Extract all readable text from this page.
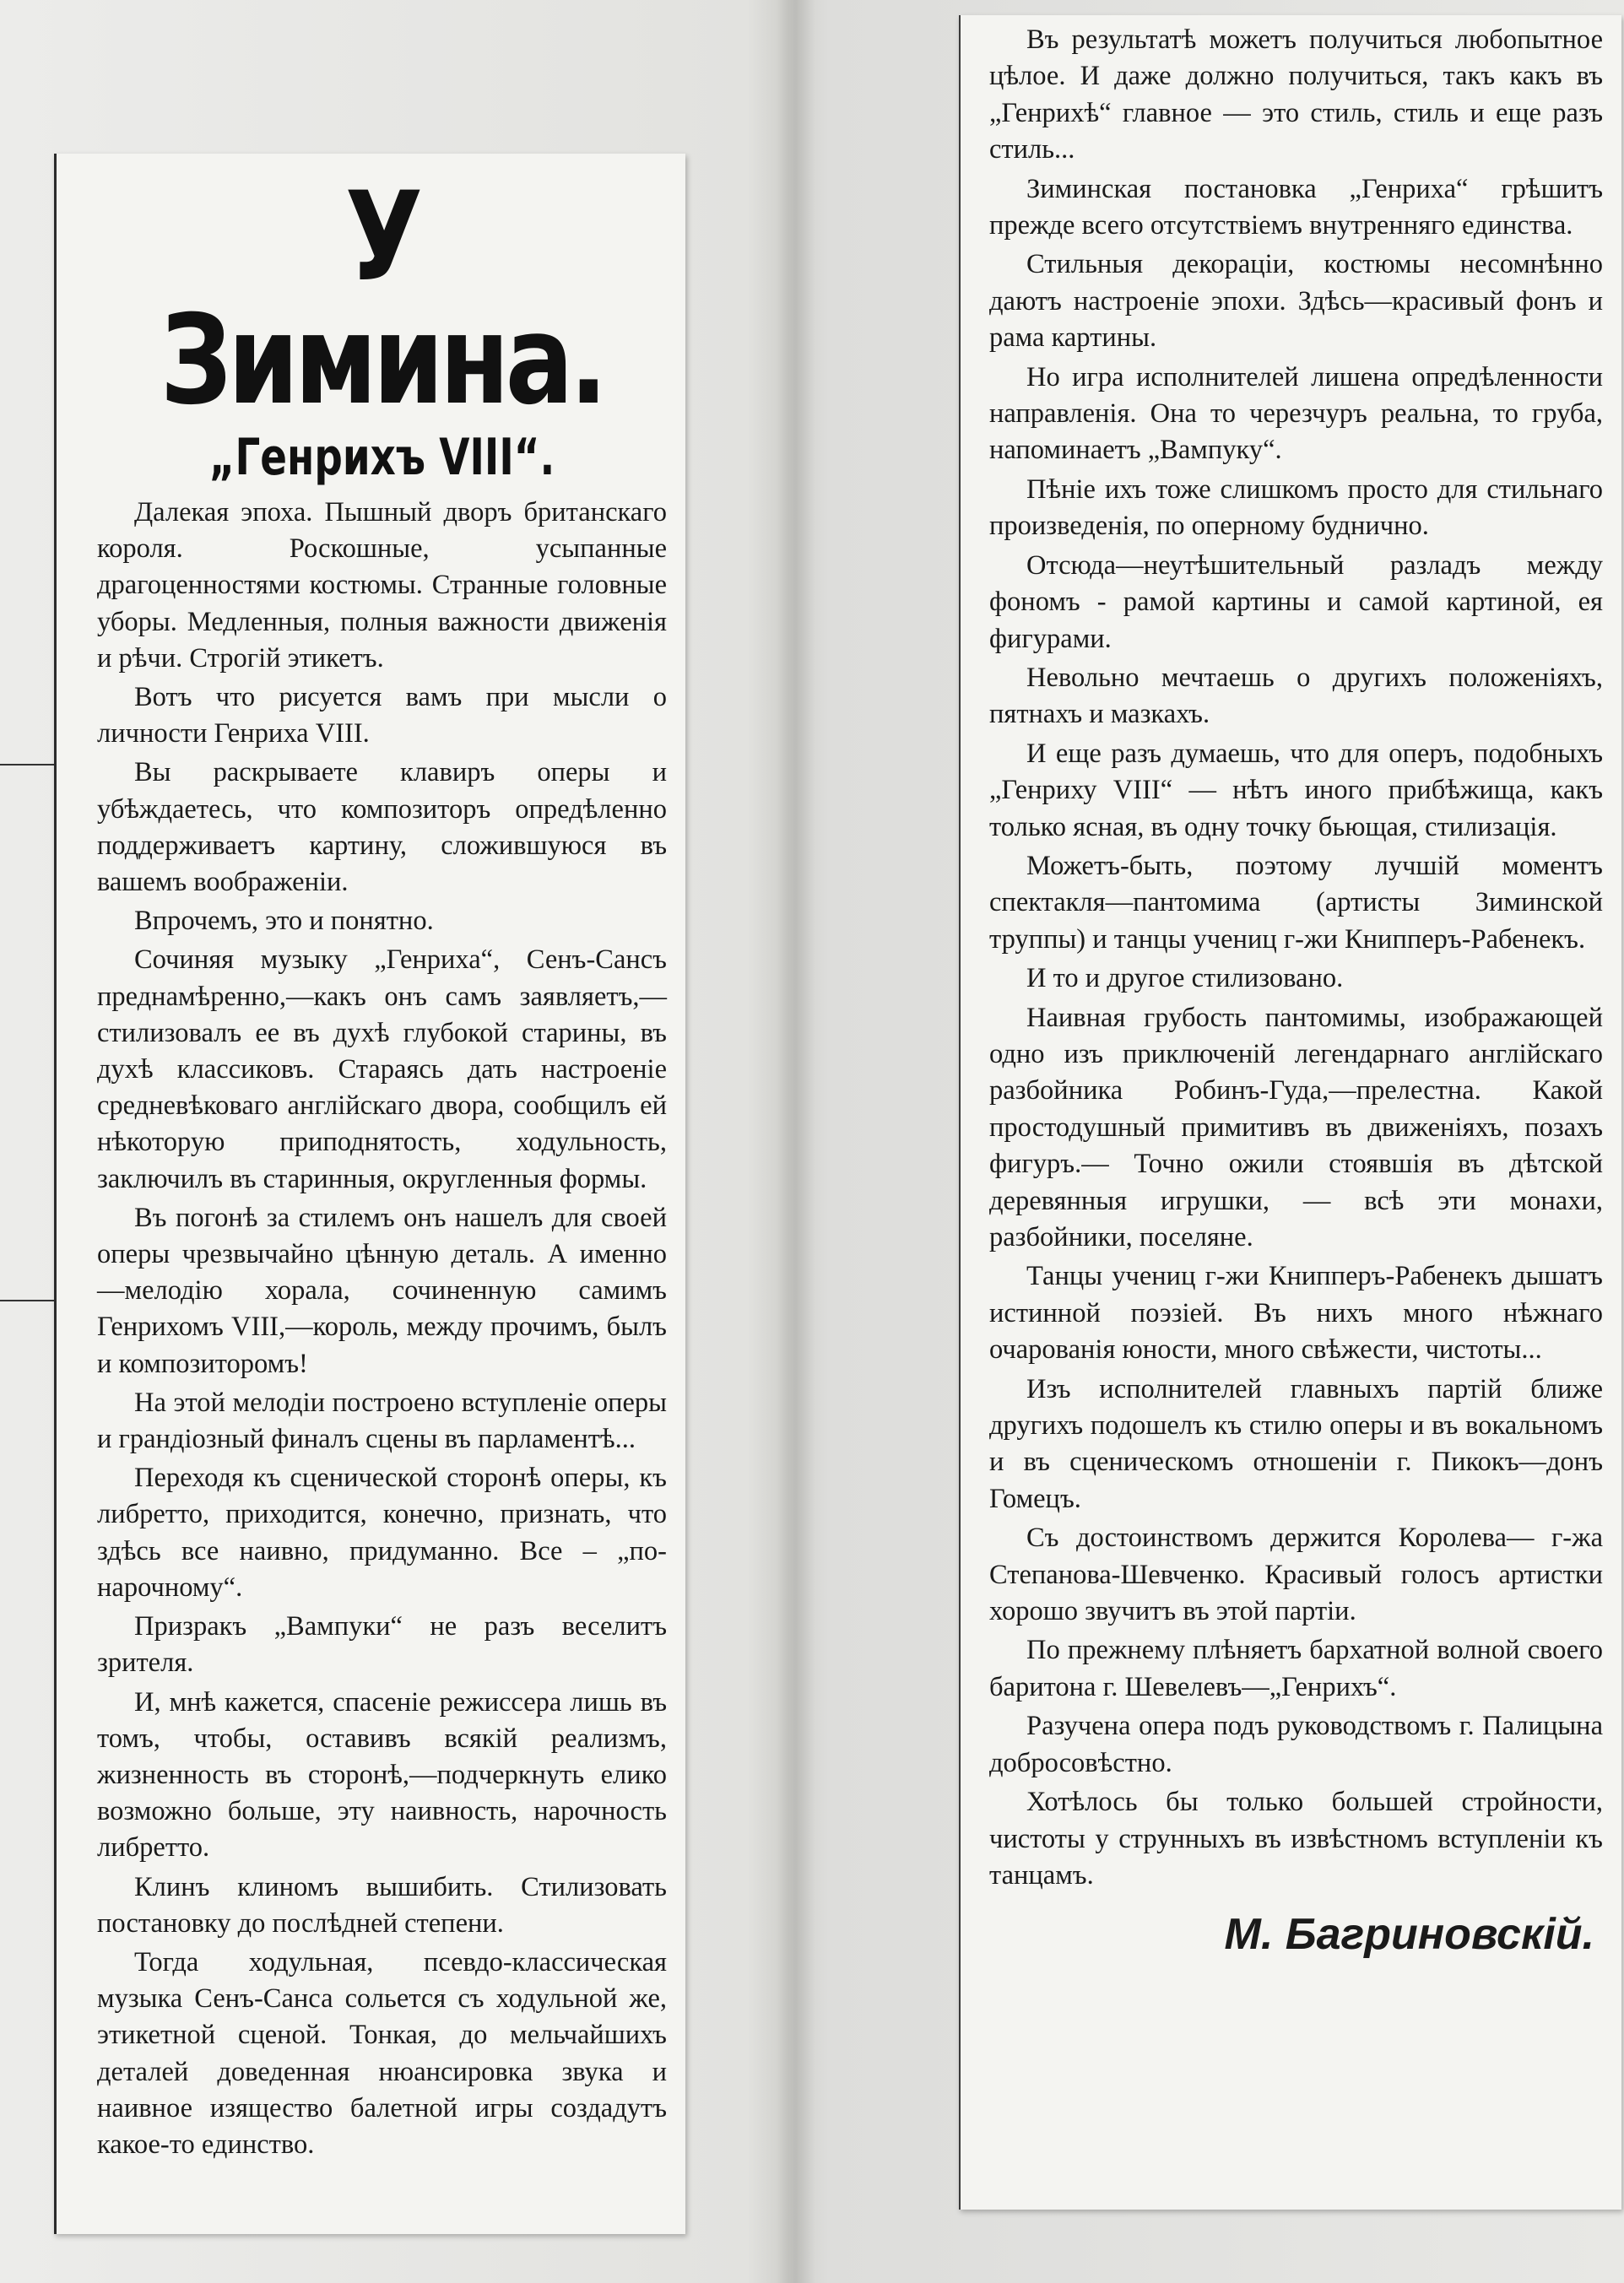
У Зимина.
„Генрихъ VIII“.

Далекая эпоха. Пышный дворъ британскаго короля. Роскошные, усыпанные драгоценностями костюмы. Странные головные уборы. Медленныя, полныя важности движенія и рѣчи. Строгій этикетъ.

Вотъ что рисуется вамъ при мысли о личности Генриха VIII.

Вы раскрываете клавиръ оперы и убѣждаетесь, что композиторъ опредѣленно поддерживаетъ картину, сложившуюся въ вашемъ воображеніи.

Впрочемъ, это и понятно.

Сочиняя музыку „Генриха“, Сенъ-Сансъ преднамѣренно,—какъ онъ самъ заявляетъ,—стилизовалъ ее въ духѣ глубокой старины, въ духѣ классиковъ. Стараясь дать настроеніе средневѣковаго англійскаго двора, сообщилъ ей нѣкоторую приподнятость, ходульность, заключилъ въ старинныя, округленныя формы.

Въ погонѣ за стилемъ онъ нашелъ для своей оперы чрезвычайно цѣнную деталь. А именно—мелодію хорала, сочиненную самимъ Генрихомъ VIII,—король, между прочимъ, былъ и композиторомъ!

На этой мелодіи построено вступленіе оперы и грандіозный финалъ сцены въ парламентѣ...

Переходя къ сценической сторонѣ оперы, къ либретто, приходится, конечно, признать, что здѣсь все наивно, придуманно. Все – „по-нарочному“.

Призракъ „Вампуки“ не разъ веселитъ зрителя.

И, мнѣ кажется, спасеніе режиссера лишь въ томъ, чтобы, оставивъ всякій реализмъ, жизненность въ сторонѣ,—подчеркнуть елико возможно больше, эту наивность, нарочность либретто.

Клинъ клиномъ вышибить. Стилизовать постановку до послѣдней степени.

Тогда ходульная, псевдо-классическая музыка Сенъ-Санса сольется съ ходульной же, этикетной сценой. Тонкая, до мельчайшихъ деталей доведенная нюансировка звука и наивное изящество балетной игры создадутъ какое-то единство.

Въ результатѣ можетъ получиться любопытное цѣлое. И даже должно получиться, такъ какъ въ „Генрихѣ“ главное — это стиль, стиль и еще разъ стиль...

Зиминская постановка „Генриха“ грѣшитъ прежде всего отсутствіемъ внутренняго единства.

Стильныя декораціи, костюмы несомнѣнно даютъ настроеніе эпохи. Здѣсь—красивый фонъ и рама картины.

Но игра исполнителей лишена опредѣленности направленія. Она то черезчуръ реальна, то груба, напоминаетъ „Вампуку“.

Пѣніе ихъ тоже слишкомъ просто для стильнаго произведенія, по оперному буднично.

Отсюда—неутѣшительный разладъ между фономъ - рамой картины и самой картиной, ея фигурами.

Невольно мечтаешь о другихъ положеніяхъ, пятнахъ и мазкахъ.

И еще разъ думаешь, что для оперъ, подобныхъ „Генриху VIII“ — нѣтъ иного прибѣжища, какъ только ясная, въ одну точку бьющая, стилизація.

Можетъ-быть, поэтому лучшій моментъ спектакля—пантомима (артисты Зиминской труппы) и танцы учениц г-жи Книпперъ-Рабенекъ.

И то и другое стилизовано.

Наивная грубость пантомимы, изображающей одно изъ приключеній легендарнаго англійскаго разбойника Робинъ-Гуда,—прелестна. Какой простодушный примитивъ въ движеніяхъ, позахъ фигуръ.— Точно ожили стоявшія въ дѣтской деревянныя игрушки, — всѣ эти монахи, разбойники, поселяне.

Танцы учениц г-жи Книпперъ-Рабенекъ дышатъ истинной поэзіей. Въ нихъ много нѣжнаго очарованія юности, много свѣжести, чистоты...

Изъ исполнителей главныхъ партій ближе другихъ подошелъ къ стилю оперы и въ вокальномъ и въ сценическомъ отношеніи г. Пикокъ—донъ Гомецъ.

Съ достоинствомъ держится Королева— г-жа Степанова-Шевченко. Красивый голосъ артистки хорошо звучитъ въ этой партіи.

По прежнему плѣняетъ бархатной волной своего баритона г. Шевелевъ—„Генрихъ“.

Разучена опера подъ руководствомъ г. Палицына добросовѣстно.

Хотѣлось бы только большей стройности, чистоты у струнныхъ въ извѣстномъ вступленіи къ танцамъ.

М. Багриновскій.
